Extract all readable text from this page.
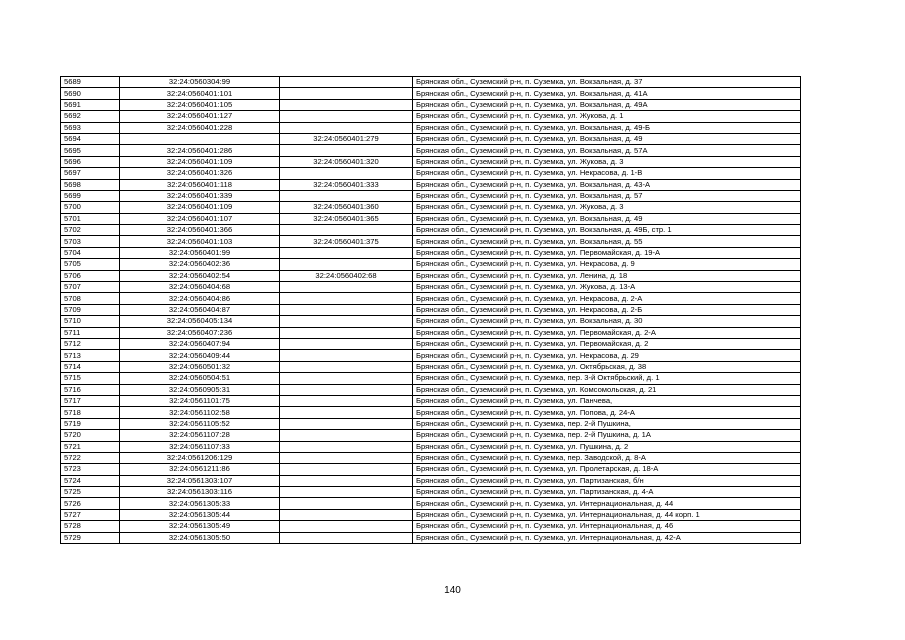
5689	32:24:0560304:99		Брянская обл., Суземский р-н, п. Суземка, ул. Вокзальная, д. 37
5690	32:24:0560401:101		Брянская обл., Суземский р-н, п. Суземка, ул. Вокзальная, д. 41А
5691	32:24:0560401:105		Брянская обл., Суземский р-н, п. Суземка, ул. Вокзальная, д. 49А
5692	32:24:0560401:127		Брянская обл., Суземский р-н, п. Суземка, ул. Жукова, д. 1
5693	32:24:0560401:228		Брянская обл., Суземский р-н, п. Суземка, ул. Вокзальная, д. 49-Б
5694		32:24:0560401:279	Брянская обл., Суземский р-н, п. Суземка, ул. Вокзальная, д. 49
5695	32:24:0560401:286		Брянская обл., Суземский р-н, п. Суземка, ул. Вокзальная, д. 57А
5696	32:24:0560401:109	32:24:0560401:320	Брянская обл., Суземский р-н, п. Суземка, ул. Жукова, д. 3
5697	32:24:0560401:326		Брянская обл., Суземский р-н, п. Суземка, ул. Некрасова, д. 1-В
5698	32:24:0560401:118	32:24:0560401:333	Брянская обл., Суземский р-н, п. Суземка, ул. Вокзальная, д. 43-А
5699	32:24:0560401:339		Брянская обл., Суземский р-н, п. Суземка, ул. Вокзальная, д. 57
5700	32:24:0560401:109	32:24:0560401:360	Брянская обл., Суземский р-н, п. Суземка, ул. Жукова, д. 3
5701	32:24:0560401:107	32:24:0560401:365	Брянская обл., Суземский р-н, п. Суземка, ул. Вокзальная, д. 49
5702	32:24:0560401:366		Брянская обл., Суземский р-н, п. Суземка, ул. Вокзальная, д. 49Б, стр. 1
5703	32:24:0560401:103	32:24:0560401:375	Брянская обл., Суземский р-н, п. Суземка, ул. Вокзальная, д. 55
5704	32:24:0560401:99		Брянская обл., Суземский р-н, п. Суземка, ул. Первомайская, д. 19-А
5705	32:24:0560402:36		Брянская обл., Суземский р-н, п. Суземка, ул. Некрасова, д. 9
5706	32:24:0560402:54	32:24:0560402:68	Брянская обл., Суземский р-н, п. Суземка, ул. Ленина, д. 18
5707	32:24:0560404:68		Брянская обл., Суземский р-н, п. Суземка, ул. Жукова, д. 13-А
5708	32:24:0560404:86		Брянская обл., Суземский р-н, п. Суземка, ул. Некрасова, д. 2-А
5709	32:24:0560404:87		Брянская обл., Суземский р-н, п. Суземка, ул. Некрасова, д. 2-Б
5710	32:24:0560405:134		Брянская обл., Суземский р-н, п. Суземка, ул. Вокзальная, д. 30
5711	32:24:0560407:236		Брянская обл., Суземский р-н, п. Суземка, ул. Первомайская, д. 2-А
5712	32:24:0560407:94		Брянская обл., Суземский р-н, п. Суземка, ул. Первомайская, д. 2
5713	32:24:0560409:44		Брянская обл., Суземский р-н, п. Суземка, ул. Некрасова, д. 29
5714	32:24:0560501:32		Брянская обл., Суземский р-н, п. Суземка, ул. Октябрьская, д. 38
5715	32:24:0560504:51		Брянская обл., Суземский р-н, п. Суземка, пер. 3-й Октябрьский, д. 1
5716	32:24:0560905:31		Брянская обл., Суземский р-н, п. Суземка, ул. Комсомольская, д. 21
5717	32:24:0561101:75		Брянская обл., Суземский р-н, п. Суземка, ул. Панчева,
5718	32:24:0561102:58		Брянская обл., Суземский р-н, п. Суземка, ул. Попова, д. 24-А
5719	32:24:0561105:52		Брянская обл., Суземский р-н, п. Суземка, пер. 2-й Пушкина,
5720	32:24:0561107:28		Брянская обл., Суземский р-н, п. Суземка, пер. 2-й Пушкина, д. 1А
5721	32:24:0561107:33		Брянская обл., Суземский р-н, п. Суземка, ул. Пушкина, д. 2
5722	32:24:0561206:129		Брянская обл., Суземский р-н, п. Суземка, пер. Заводской, д. 8-А
5723	32:24:0561211:86		Брянская обл., Суземский р-н, п. Суземка, ул. Пролетарская, д. 18-А
5724	32:24:0561303:107		Брянская обл., Суземский р-н, п. Суземка, ул. Партизанская, б/н
5725	32:24:0561303:116		Брянская обл., Суземский р-н, п. Суземка, ул. Партизанская, д. 4-А
5726	32:24:0561305:33		Брянская обл., Суземский р-н, п. Суземка, ул. Интернациональная, д. 44
5727	32:24:0561305:44		Брянская обл., Суземский р-н, п. Суземка, ул. Интернациональная, д. 44 корп. 1
5728	32:24:0561305:49		Брянская обл., Суземский р-н, п. Суземка, ул. Интернациональная, д. 46
5729	32:24:0561305:50		Брянская обл., Суземский р-н, п. Суземка, ул. Интернациональная, д. 42-А
140
